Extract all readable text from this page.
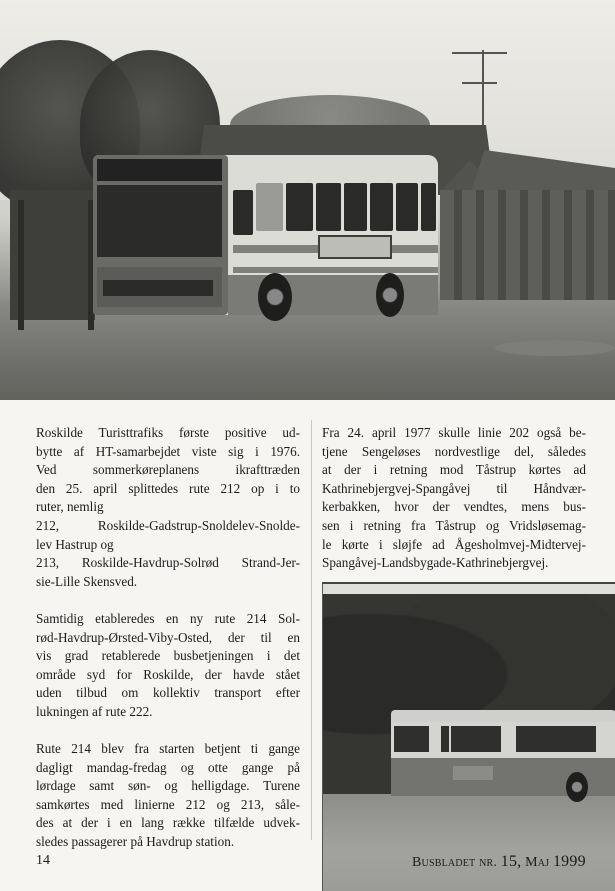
Roskilde Turisttrafiks første positive ud-
bytte af HT-samarbejdet viste sig i 1976.
Ved sommerkøreplanens ikrafttræden
den 25. april splittedes rute 212 op i to
ruter, nemlig
212, Roskilde-Gadstrup-Snoldelev-Snolde-
lev Hastrup og
213, Roskilde-Havdrup-Solrød Strand-Jer-
sie-Lille Skensved.

Samtidig etableredes en ny rute 214 Sol-
rød-Havdrup-Ørsted-Viby-Osted, der til en
vis grad retablerede busbetjeningen i det
område syd for Roskilde, der havde stået
uden tilbud om kollektiv transport efter
lukningen af rute 222.

Rute 214 blev fra starten betjent ti gange
dagligt mandag-fredag og otte gange på
lørdage samt søn- og helligdage. Turene
samkørtes med linierne 212 og 213, såle-
des at der i en lang række tilfælde udvek-
sledes passagerer på Havdrup station.

Fra 24. april 1977 skulle linie 202 også be-
tjene Sengeløses nordvestlige del, således
at der i retning mod Tåstrup kørtes ad
Kathrinebjergvej-Spangåvej til Håndvær-
kerbakken, hvor der vendtes, mens bus-
sen i retning fra Tåstrup og Vridsløsemag-
le kørte i sløjfe ad Ågesholmvej-Midtervej-
Spangåvej-Landsbygade-Kathrinebjergvej.

14	Busbladet nr. 15, Maj 1999
